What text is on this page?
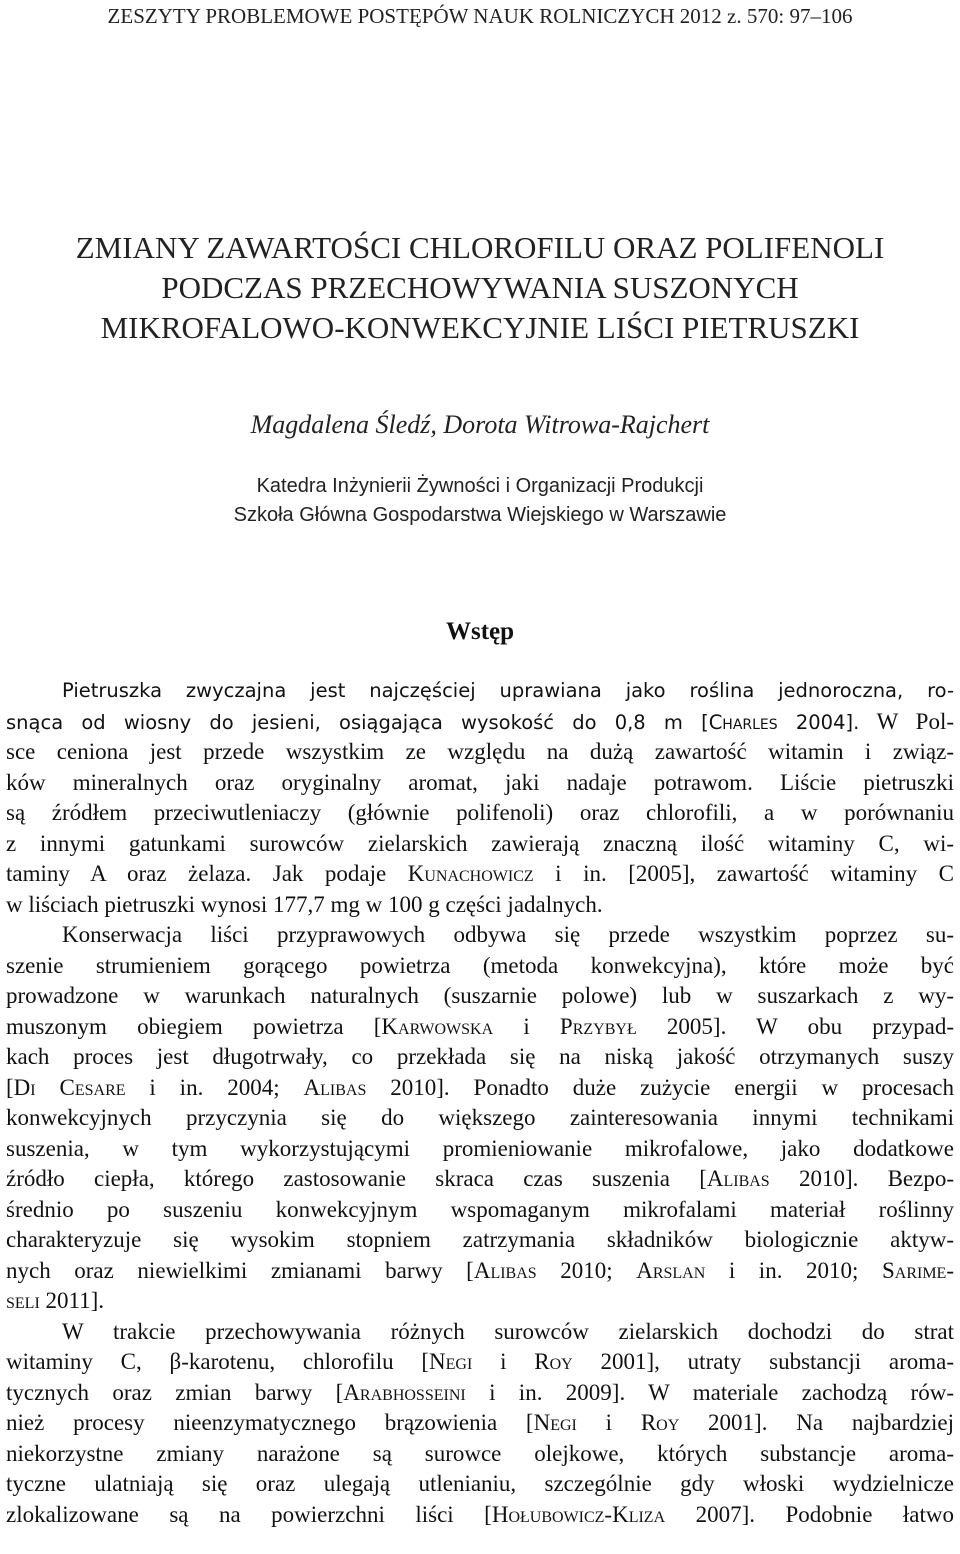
ZESZYTY PROBLEMOWE POSTĘPÓW NAUK ROLNICZYCH 2012 z. 570: 97–106
ZMIANY ZAWARTOŚCI CHLOROFILU ORAZ POLIFENOLI
PODCZAS PRZECHOWYWANIA SUSZONYCH
MIKROFALOWO-KONWEKCYJNIE LIŚCI PIETRUSZKI
Magdalena Śledź, Dorota Witrowa-Rajchert
Katedra Inżynierii Żywności i Organizacji Produkcji
Szkoła Główna Gospodarstwa Wiejskiego w Warszawie
Wstęp
Pietruszka zwyczajna jest najczęściej uprawiana jako roślina jednoroczna, ro-
snąca od wiosny do jesieni, osiągająca wysokość do 0,8 m [Charles 2004]. W Pol-
sce ceniona jest przede wszystkim ze względu na dużą zawartość witamin i związ-
ków mineralnych oraz oryginalny aromat, jaki nadaje potrawom. Liście pietruszki
są źródłem przeciwutleniaczy (głównie polifenoli) oraz chlorofili, a w porównaniu
z innymi gatunkami surowców zielarskich zawierają znaczną ilość witaminy C, wi-
taminy A oraz żelaza. Jak podaje Kunachowicz i in. [2005], zawartość witaminy C
w liściach pietruszki wynosi 177,7 mg w 100 g części jadalnych.
Konserwacja liści przyprawowych odbywa się przede wszystkim poprzez su-
szenie strumieniem gorącego powietrza (metoda konwekcyjna), które może być
prowadzone w warunkach naturalnych (suszarnie polowe) lub w suszarkach z wy-
muszonym obiegiem powietrza [Karwowska i Przybył 2005]. W obu przypad-
kach proces jest długotrwały, co przekłada się na niską jakość otrzymanych suszy
[Di Cesare i in. 2004; Alibas 2010]. Ponadto duże zużycie energii w procesach
konwekcyjnych przyczynia się do większego zainteresowania innymi technikami
suszenia, w tym wykorzystującymi promieniowanie mikrofalowe, jako dodatkowe
źródło ciepła, którego zastosowanie skraca czas suszenia [Alibas 2010]. Bezpo-
średnio po suszeniu konwekcyjnym wspomaganym mikrofalami materiał roślinny
charakteryzuje się wysokim stopniem zatrzymania składników biologicznie aktyw-
nych oraz niewielkimi zmianami barwy [Alibas 2010; Arslan i in. 2010; Sarime-
seli 2011].
W trakcie przechowywania różnych surowców zielarskich dochodzi do strat
witaminy C, β-karotenu, chlorofilu [Negi i Roy 2001], utraty substancji aroma-
tycznych oraz zmian barwy [Arabhosseini i in. 2009]. W materiale zachodzą rów-
nież procesy nieenzymatycznego brązowienia [Negi i Roy 2001]. Na najbardziej
niekorzystne zmiany narażone są surowce olejkowe, których substancje aroma-
tyczne ulatniają się oraz ulegają utlenianiu, szczególnie gdy włoski wydzielnicze
zlokalizowane są na powierzchni liści [Hołubowicz-Kliza 2007]. Podobnie łatwo
